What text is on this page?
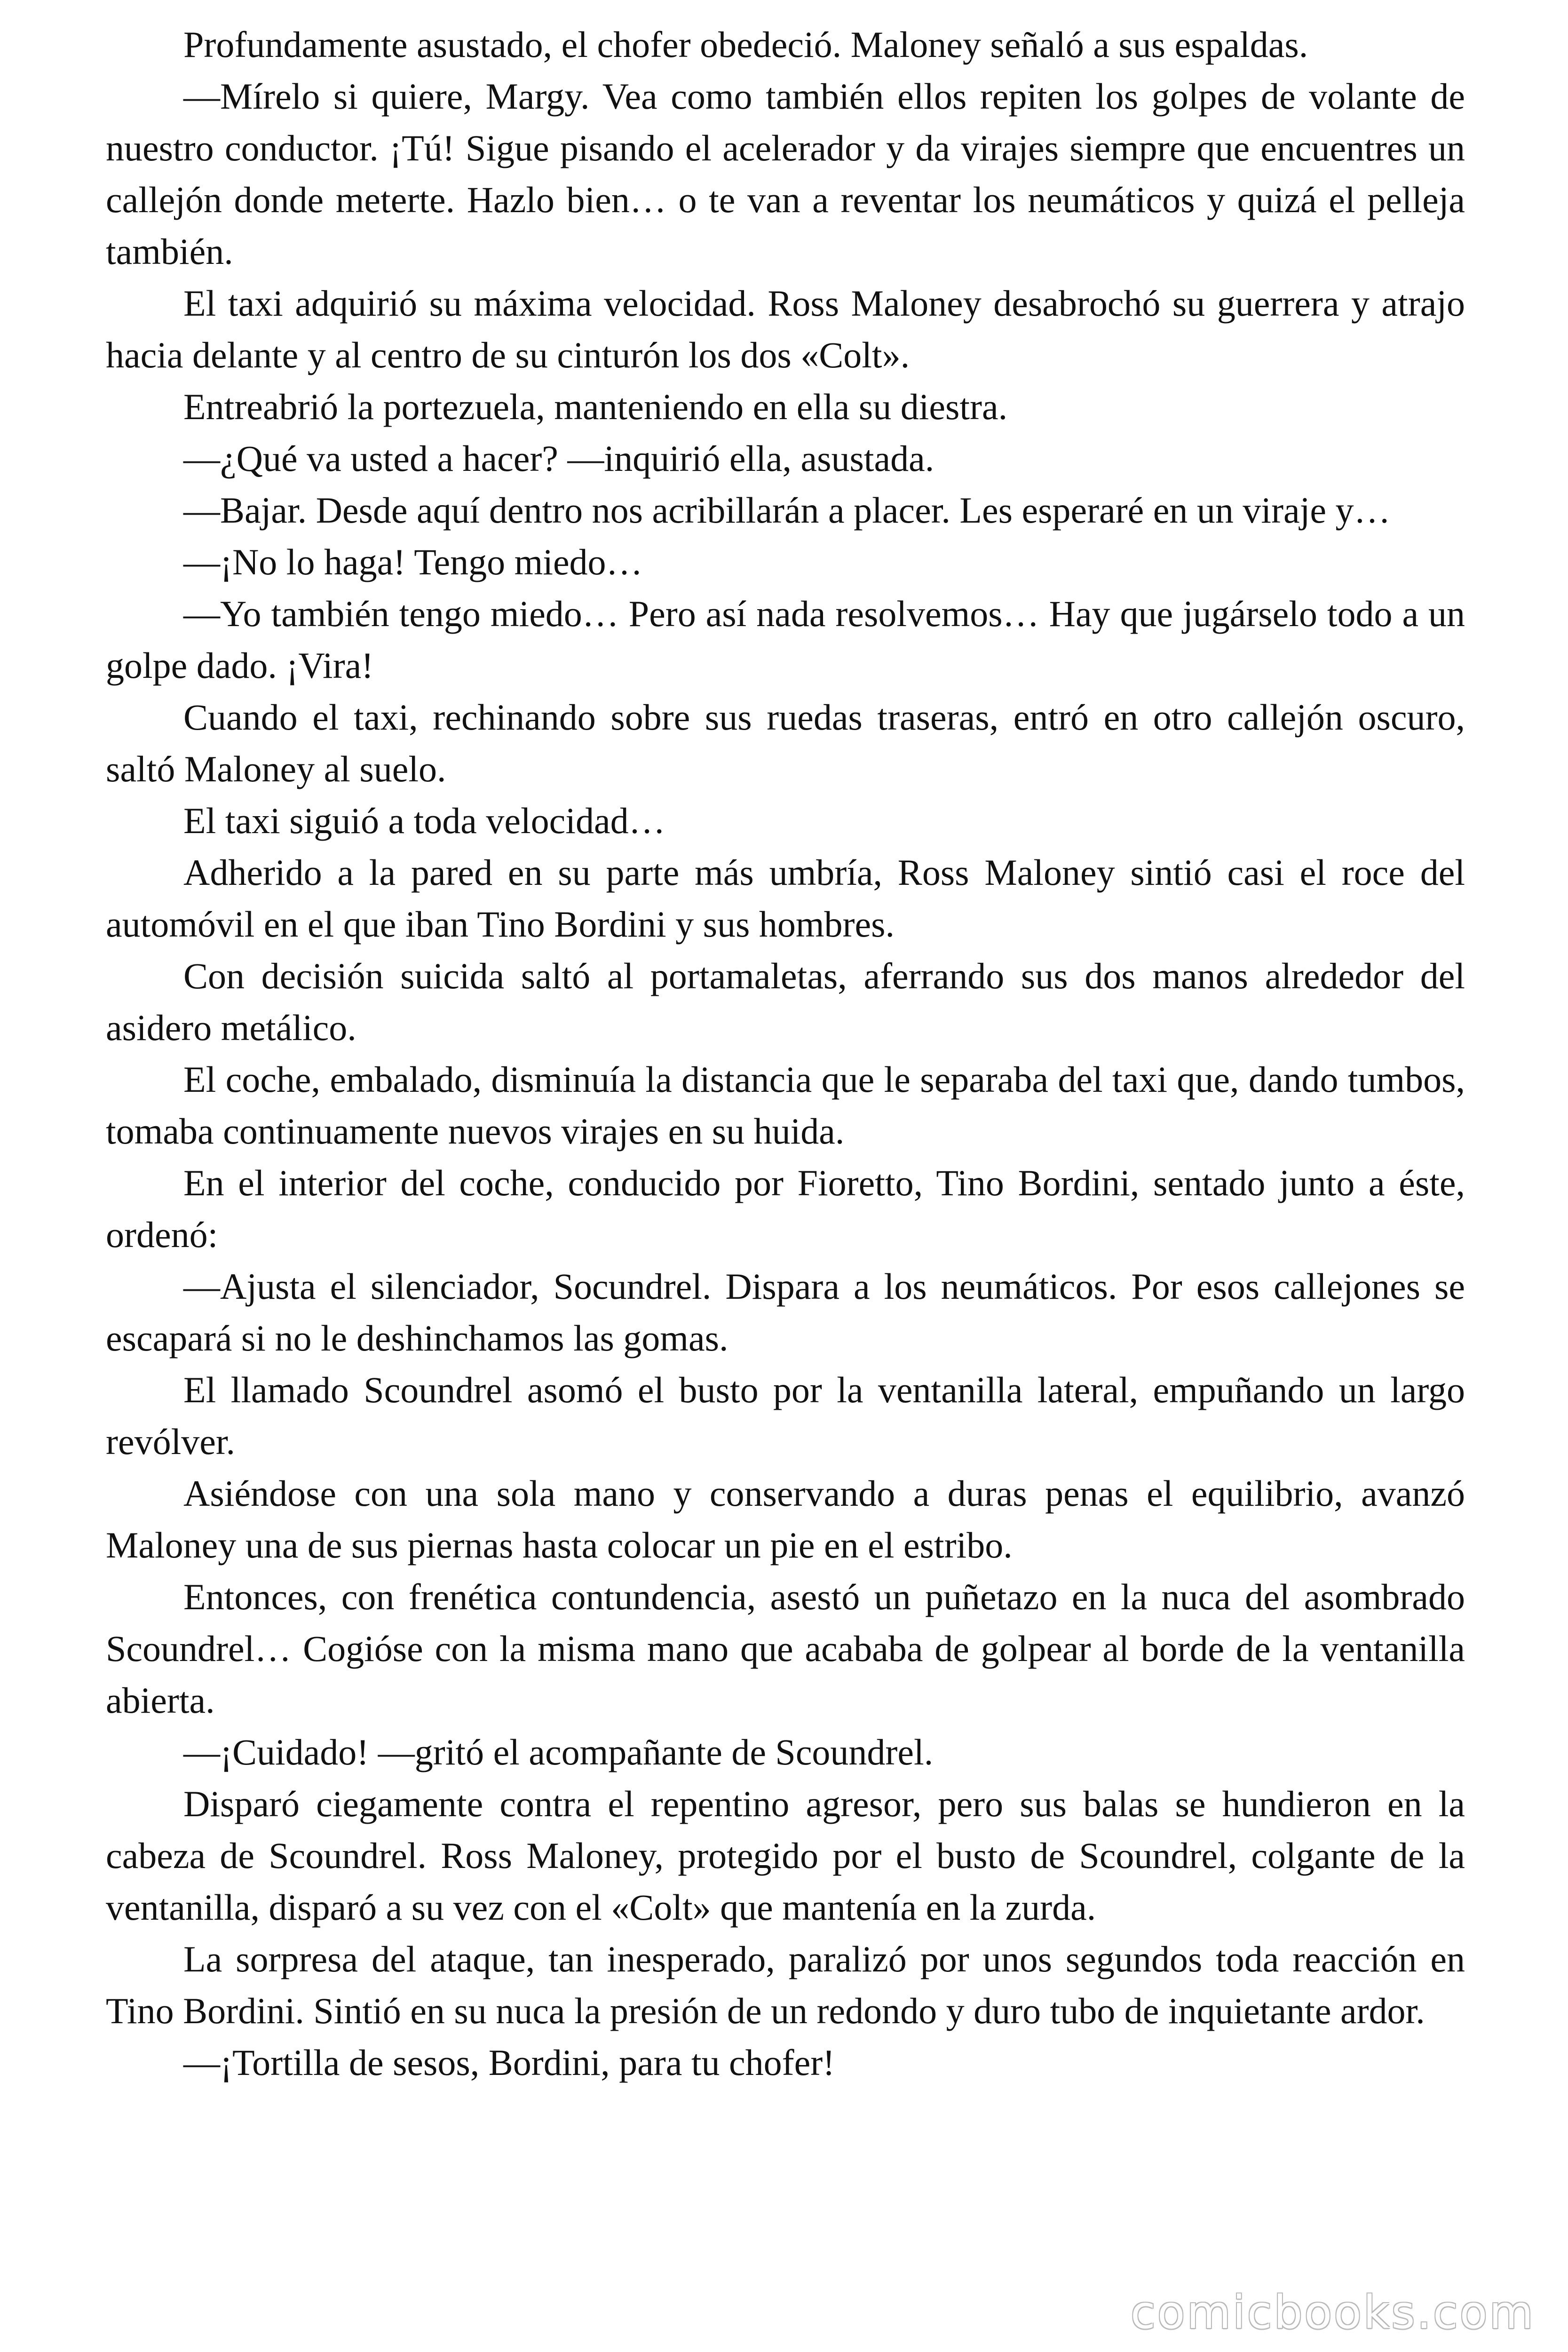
Profundamente asustado, el chofer obedeció. Maloney señaló a sus espaldas.

—Mírelo si quiere, Margy. Vea como también ellos repiten los golpes de volante de nuestro conductor. ¡Tú! Sigue pisando el acelerador y da virajes siempre que encuentres un callejón donde meterte. Hazlo bien… o te van a reventar los neumáticos y quizá el pelleja también.

El taxi adquirió su máxima velocidad. Ross Maloney desabrochó su guerrera y atrajo hacia delante y al centro de su cinturón los dos «Colt».

Entreabrió la portezuela, manteniendo en ella su diestra.

—¿Qué va usted a hacer? —inquirió ella, asustada.

—Bajar. Desde aquí dentro nos acribillarán a placer. Les esperaré en un viraje y…

—¡No lo haga! Tengo miedo…

—Yo también tengo miedo… Pero así nada resolvemos… Hay que jugárselo todo a un golpe dado. ¡Vira!

Cuando el taxi, rechinando sobre sus ruedas traseras, entró en otro callejón oscuro, saltó Maloney al suelo.

El taxi siguió a toda velocidad…

Adherido a la pared en su parte más umbría, Ross Maloney sintió casi el roce del automóvil en el que iban Tino Bordini y sus hombres.

Con decisión suicida saltó al portamaletas, aferrando sus dos manos alrededor del asidero metálico.

El coche, embalado, disminuía la distancia que le separaba del taxi que, dando tumbos, tomaba continuamente nuevos virajes en su huida.

En el interior del coche, conducido por Fioretto, Tino Bordini, sentado junto a éste, ordenó:

—Ajusta el silenciador, Socundrel. Dispara a los neumáticos. Por esos callejones se escapará si no le deshinchamos las gomas.

El llamado Scoundrel asomó el busto por la ventanilla lateral, empuñando un largo revólver.

Asiéndose con una sola mano y conservando a duras penas el equilibrio, avanzó Maloney una de sus piernas hasta colocar un pie en el estribo.

Entonces, con frenética contundencia, asestó un puñetazo en la nuca del asombrado Scoundrel… Cogióse con la misma mano que acababa de golpear al borde de la ventanilla abierta.

—¡Cuidado! —gritó el acompañante de Scoundrel.

Disparó ciegamente contra el repentino agresor, pero sus balas se hundieron en la cabeza de Scoundrel. Ross Maloney, protegido por el busto de Scoundrel, colgante de la ventanilla, disparó a su vez con el «Colt» que mantenía en la zurda.

La sorpresa del ataque, tan inesperado, paralizó por unos segundos toda reacción en Tino Bordini. Sintió en su nuca la presión de un redondo y duro tubo de inquietante ardor.

—¡Tortilla de sesos, Bordini, para tu chofer!

comicbooks.com
